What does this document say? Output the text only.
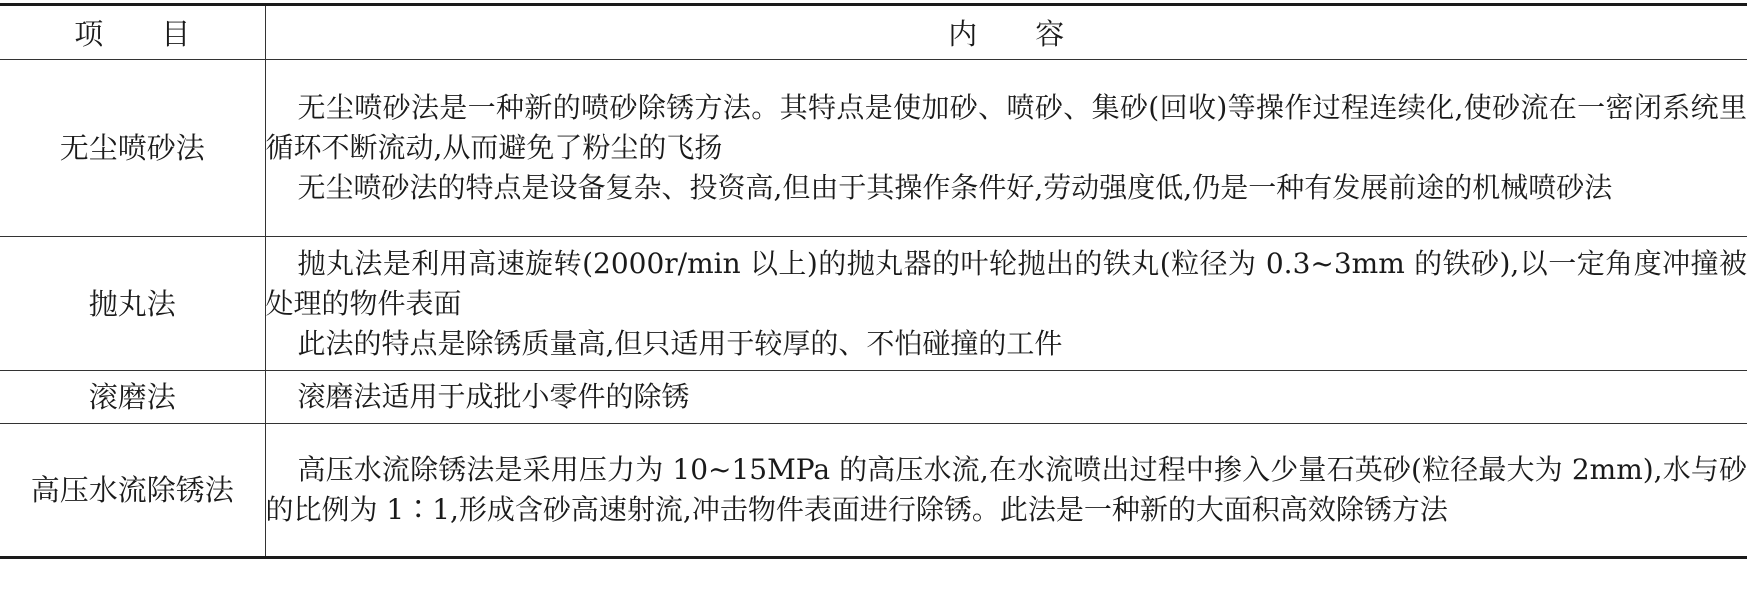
项　　目	内　　容
无尘喷砂法	无尘喷砂法是一种新的喷砂除锈方法。其特点是使加砂、喷砂、集砂(回收)等操作过程连续化,使砂流在一密闭系统里循环不断流动,从而避免了粉尘的飞扬

无尘喷砂法的特点是设备复杂、投资高,但由于其操作条件好,劳动强度低,仍是一种有发展前途的机械喷砂法

抛丸法	抛丸法是利用高速旋转(2000r/min 以上)的抛丸器的叶轮抛出的铁丸(粒径为 0.3~3mm 的铁砂),以一定角度冲撞被处理的物件表面

此法的特点是除锈质量高,但只适用于较厚的、不怕碰撞的工件

滚磨法	滚磨法适用于成批小零件的除锈

高压水流除锈法	高压水流除锈法是采用压力为 10~15MPa 的高压水流,在水流喷出过程中掺入少量石英砂(粒径最大为 2mm),水与砂的比例为 1∶1,形成含砂高速射流,冲击物件表面进行除锈。此法是一种新的大面积高效除锈方法
